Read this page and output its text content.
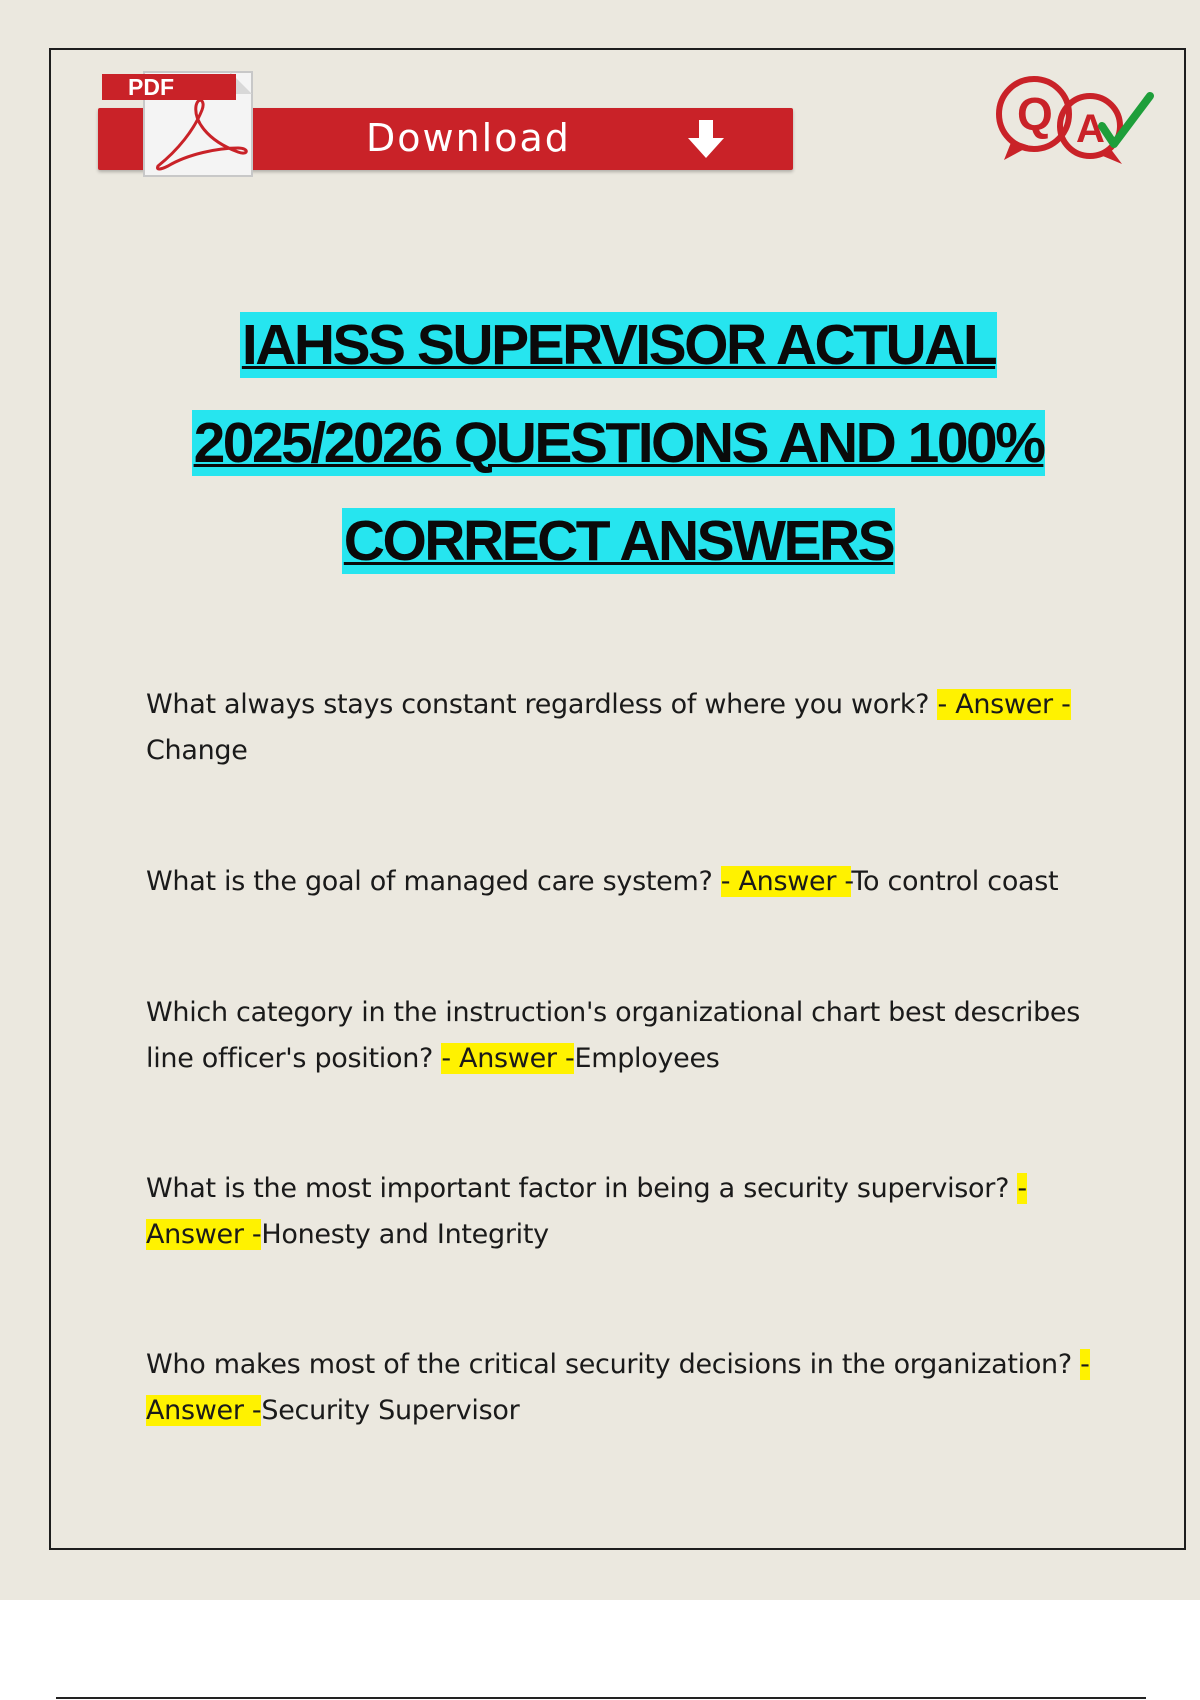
PDF
Download	Q A
IAHSS SUPERVISOR ACTUAL
2025/2026 QUESTIONS AND 100%
CORRECT ANSWERS
What always stays constant regardless of where you work? - Answer - Change
What is the goal of managed care system? - Answer -To control coast
Which category in the instruction's organizational chart best describes line officer's position? - Answer -Employees
What is the most important factor in being a security supervisor? - Answer -Honesty and Integrity
Who makes most of the critical security decisions in the organization? - Answer -Security Supervisor
